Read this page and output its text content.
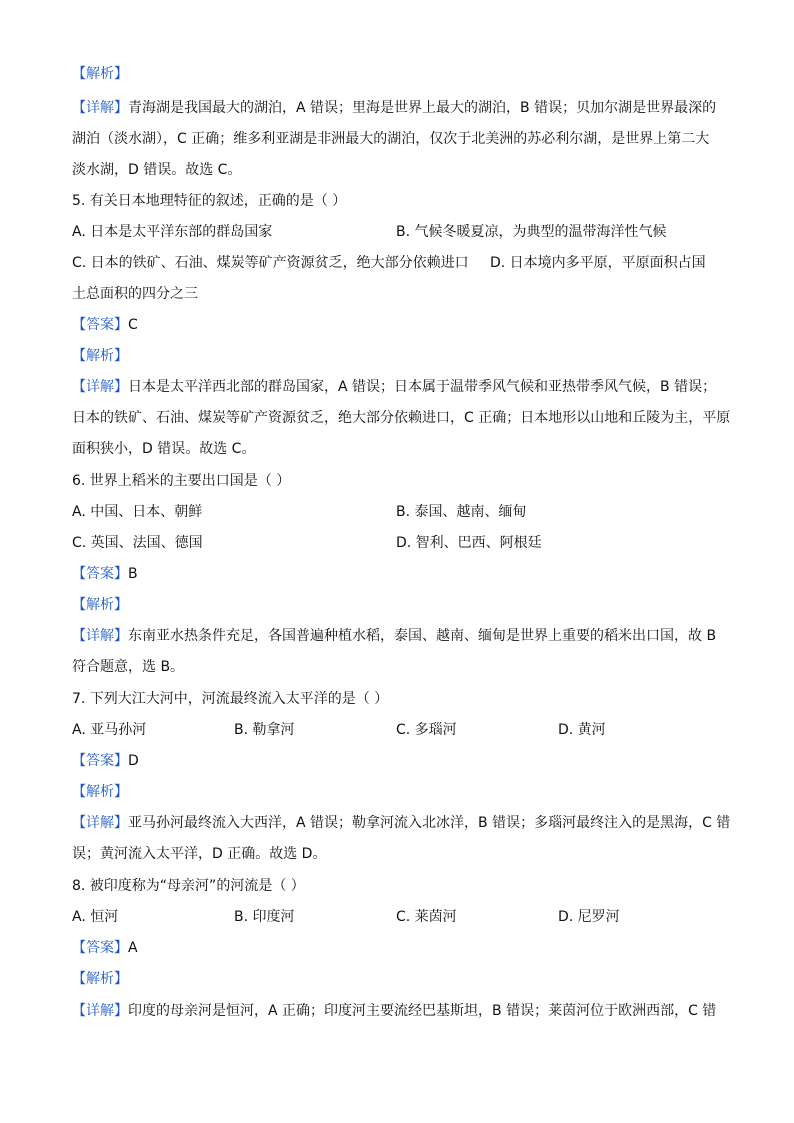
【解析】
【详解】青海湖是我国最大的湖泊，A 错误；里海是世界上最大的湖泊，B 错误；贝加尔湖是世界最深的
湖泊（淡水湖），C 正确；维多利亚湖是非洲最大的湖泊，仅次于北美洲的苏必利尔湖，是世界上第二大
淡水湖，D 错误。故选 C。
5. 有关日本地理特征的叙述，正确的是（ ）
A. 日本是太平洋东部的群岛国家	B. 气候冬暖夏凉，为典型的温带海洋性气候
C. 日本的铁矿、石油、煤炭等矿产资源贫乏，绝大部分依赖进口 D. 日本境内多平原，平原面积占国
土总面积的四分之三
【答案】C
【解析】
【详解】日本是太平洋西北部的群岛国家，A 错误；日本属于温带季风气候和亚热带季风气候，B 错误；
日本的铁矿、石油、煤炭等矿产资源贫乏，绝大部分依赖进口，C 正确；日本地形以山地和丘陵为主，平原
面积狭小，D 错误。故选 C。
6. 世界上稻米的主要出口国是（ ）
A. 中国、日本、朝鲜	B. 泰国、越南、缅甸
C. 英国、法国、德国	D. 智利、巴西、阿根廷
【答案】B
【解析】
【详解】东南亚水热条件充足，各国普遍种植水稻，泰国、越南、缅甸是世界上重要的稻米出口国，故 B
符合题意，选 B。
7. 下列大江大河中，河流最终流入太平洋的是（ ）
A. 亚马孙河	B. 勒拿河	C. 多瑙河	D. 黄河
【答案】D
【解析】
【详解】亚马孙河最终流入大西洋，A 错误；勒拿河流入北冰洋，B 错误；多瑙河最终注入的是黑海，C 错
误；黄河流入太平洋，D 正确。故选 D。
8. 被印度称为“母亲河”的河流是（ ）
A. 恒河	B. 印度河	C. 莱茵河	D. 尼罗河
【答案】A
【解析】
【详解】印度的母亲河是恒河，A 正确；印度河主要流经巴基斯坦，B 错误；莱茵河位于欧洲西部，C 错
